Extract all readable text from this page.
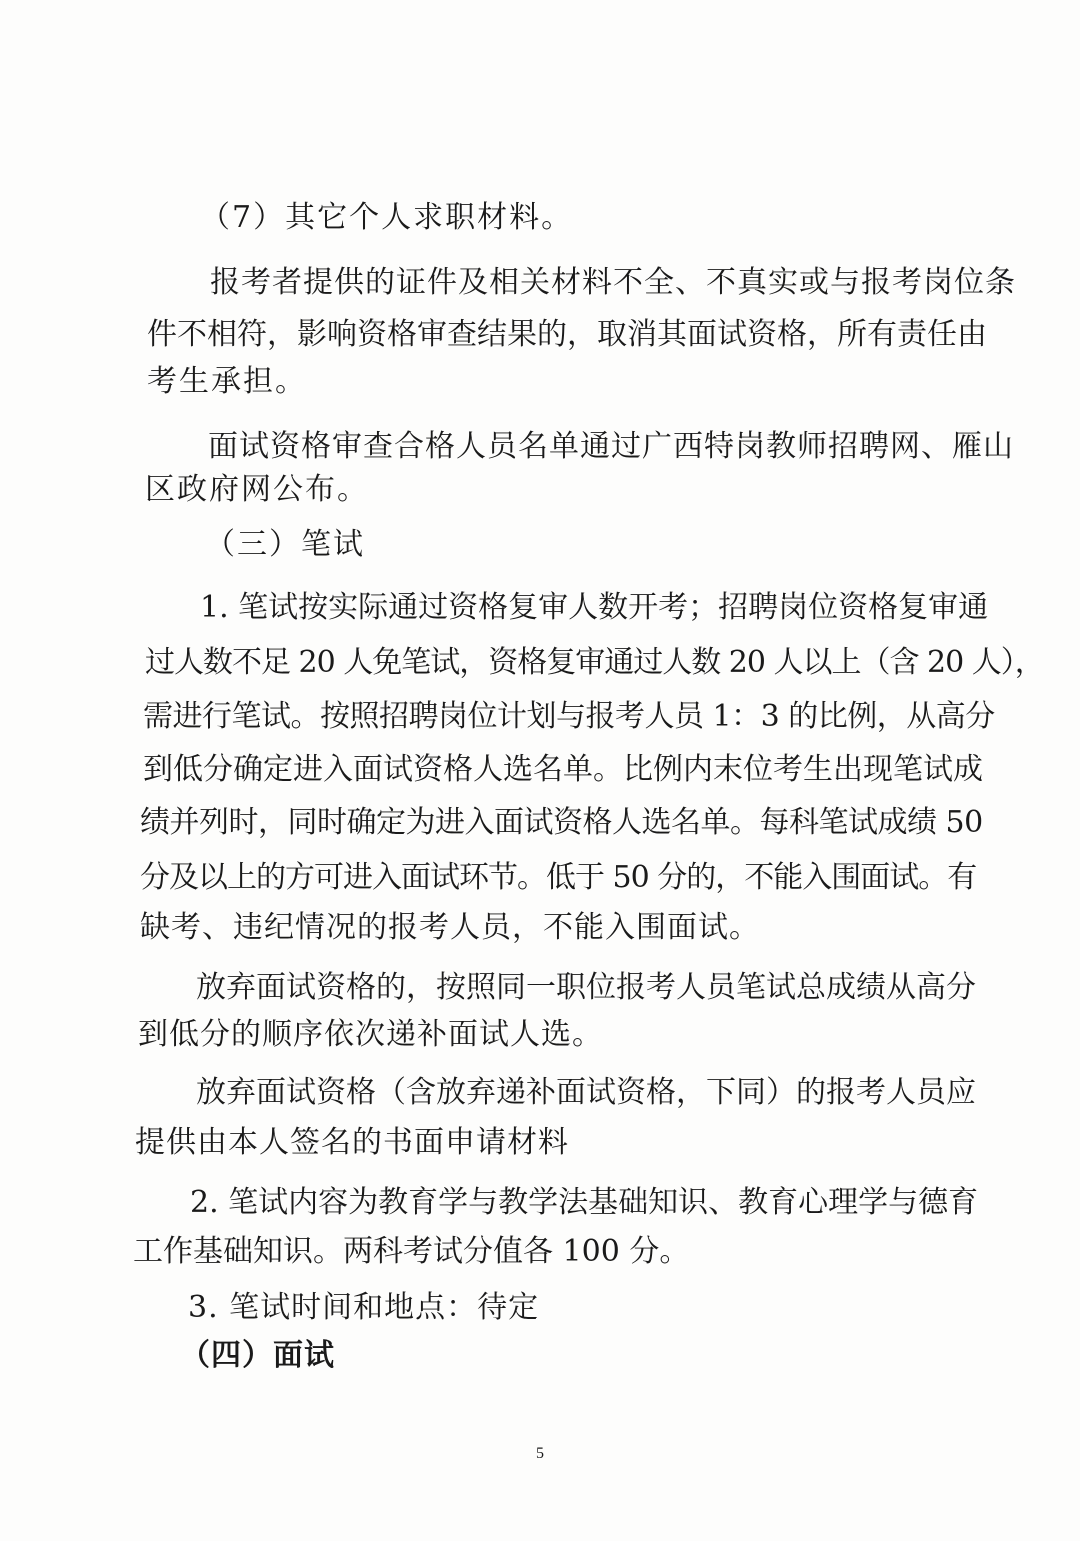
（7）其它个人求职材料。
报考者提供的证件及相关材料不全、不真实或与报考岗位条
件不相符，影响资格审查结果的，取消其面试资格，所有责任由
考生承担。
面试资格审查合格人员名单通过广西特岗教师招聘网、雁山
区政府网公布。
（三）笔试
1. 笔试按实际通过资格复审人数开考；招聘岗位资格复审通
过人数不足 20 人免笔试，资格复审通过人数 20 人以上（含 20 人），
需进行笔试。按照招聘岗位计划与报考人员 1：3 的比例，从高分
到低分确定进入面试资格人选名单。比例内末位考生出现笔试成
绩并列时，同时确定为进入面试资格人选名单。每科笔试成绩 50
分及以上的方可进入面试环节。低于 50 分的，不能入围面试。有
缺考、违纪情况的报考人员，不能入围面试。
放弃面试资格的，按照同一职位报考人员笔试总成绩从高分
到低分的顺序依次递补面试人选。
放弃面试资格（含放弃递补面试资格，下同）的报考人员应
提供由本人签名的书面申请材料
2. 笔试内容为教育学与教学法基础知识、教育心理学与德育
工作基础知识。两科考试分值各 100 分。
3. 笔试时间和地点：待定
（四）面试
5
